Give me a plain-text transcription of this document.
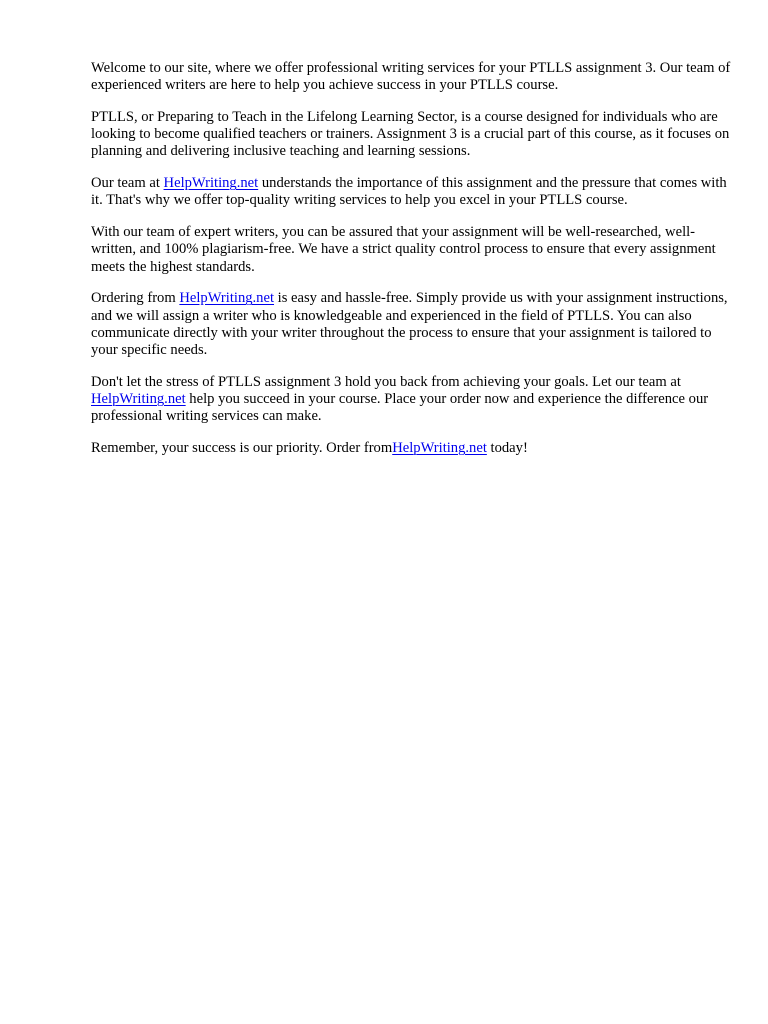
Welcome to our site, where we offer professional writing services for your PTLLS assignment 3. Our team of experienced writers are here to help you achieve success in your PTLLS course.

PTLLS, or Preparing to Teach in the Lifelong Learning Sector, is a course designed for individuals who are looking to become qualified teachers or trainers. Assignment 3 is a crucial part of this course, as it focuses on planning and delivering inclusive teaching and learning sessions.

Our team at HelpWriting.net understands the importance of this assignment and the pressure that comes with it. That's why we offer top-quality writing services to help you excel in your PTLLS course.

With our team of expert writers, you can be assured that your assignment will be well-researched, well-written, and 100% plagiarism-free. We have a strict quality control process to ensure that every assignment meets the highest standards.

Ordering from HelpWriting.net is easy and hassle-free. Simply provide us with your assignment instructions, and we will assign a writer who is knowledgeable and experienced in the field of PTLLS. You can also communicate directly with your writer throughout the process to ensure that your assignment is tailored to your specific needs.

Don't let the stress of PTLLS assignment 3 hold you back from achieving your goals. Let our team at HelpWriting.net help you succeed in your course. Place your order now and experience the difference our professional writing services can make.

Remember, your success is our priority. Order fromHelpWriting.net today!
